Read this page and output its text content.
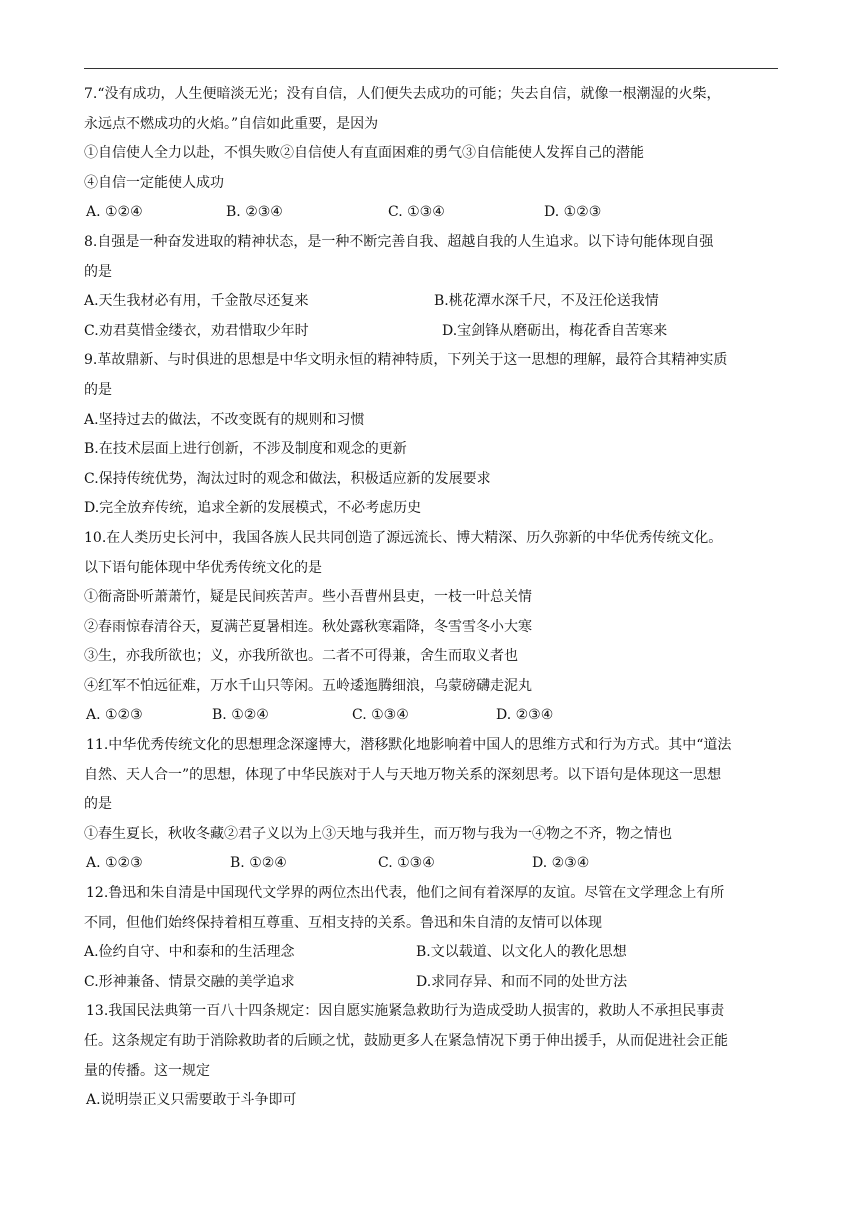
7.“没有成功，人生便暗淡无光；没有自信，人们便失去成功的可能；失去自信，就像一根潮湿的火柴，
永远点不燃成功的火焰。”自信如此重要，是因为
①自信使人全力以赴，不惧失败②自信使人有直面困难的勇气③自信能使人发挥自己的潜能
④自信一定能使人成功
A. ①②④	B. ②③④	C. ①③④	D. ①②③
8.自强是一种奋发进取的精神状态，是一种不断完善自我、超越自我的人生追求。以下诗句能体现自强
的是
A.天生我材必有用，千金散尽还复来	B.桃花潭水深千尺，不及汪伦送我情
C.劝君莫惜金缕衣，劝君惜取少年时	D.宝剑锋从磨砺出，梅花香自苦寒来
9.革故鼎新、与时俱进的思想是中华文明永恒的精神特质，下列关于这一思想的理解，最符合其精神实质
的是
A.坚持过去的做法，不改变既有的规则和习惯
B.在技术层面上进行创新，不涉及制度和观念的更新
C.保持传统优势，淘汰过时的观念和做法，积极适应新的发展要求
D.完全放弃传统，追求全新的发展模式，不必考虑历史
10.在人类历史长河中，我国各族人民共同创造了源远流长、博大精深、历久弥新的中华优秀传统文化。
以下语句能体现中华优秀传统文化的是
①衙斋卧听萧萧竹，疑是民间疾苦声。些小吾曹州县吏，一枝一叶总关情
②春雨惊春清谷天，夏满芒夏暑相连。秋处露秋寒霜降，冬雪雪冬小大寒
③生，亦我所欲也；义，亦我所欲也。二者不可得兼，舍生而取义者也
④红军不怕远征难，万水千山只等闲。五岭逶迤腾细浪，乌蒙磅礴走泥丸
A. ①②③	B. ①②④	C. ①③④	D. ②③④
11.中华优秀传统文化的思想理念深邃博大，潜移默化地影响着中国人的思维方式和行为方式。其中“道法
自然、天人合一”的思想，体现了中华民族对于人与天地万物关系的深刻思考。以下语句是体现这一思想
的是
①春生夏长，秋收冬藏②君子义以为上③天地与我并生，而万物与我为一④物之不齐，物之情也
A. ①②③	B. ①②④	C. ①③④	D. ②③④
12.鲁迅和朱自清是中国现代文学界的两位杰出代表，他们之间有着深厚的友谊。尽管在文学理念上有所
不同，但他们始终保持着相互尊重、互相支持的关系。鲁迅和朱自清的友情可以体现
A.俭约自守、中和泰和的生活理念	B.文以载道、以文化人的教化思想
C.形神兼备、情景交融的美学追求	D.求同存异、和而不同的处世方法
13.我国民法典第一百八十四条规定：因自愿实施紧急救助行为造成受助人损害的，救助人不承担民事责
任。这条规定有助于消除救助者的后顾之忧，鼓励更多人在紧急情况下勇于伸出援手，从而促进社会正能
量的传播。这一规定
A.说明崇正义只需要敢于斗争即可
